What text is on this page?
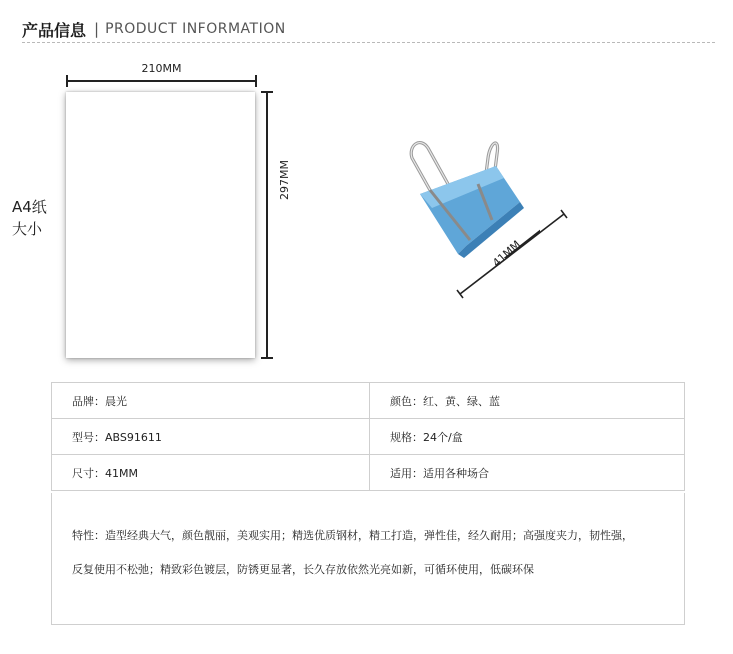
产品信息 | PRODUCT INFORMATION
210MM
297MM
A4纸
大小
41MM
品牌：晨光	颜色：红、黄、绿、蓝
型号：ABS91611	规格：24个/盒
尺寸：41MM	适用：适用各种场合

特性：造型经典大气，颜色靓丽，美观实用；精选优质钢材，精工打造，弹性佳，经久耐用；高强度夹力，韧性强，

反复使用不松弛；精致彩色镀层，防锈更显著，长久存放依然光亮如新，可循环使用，低碳环保
